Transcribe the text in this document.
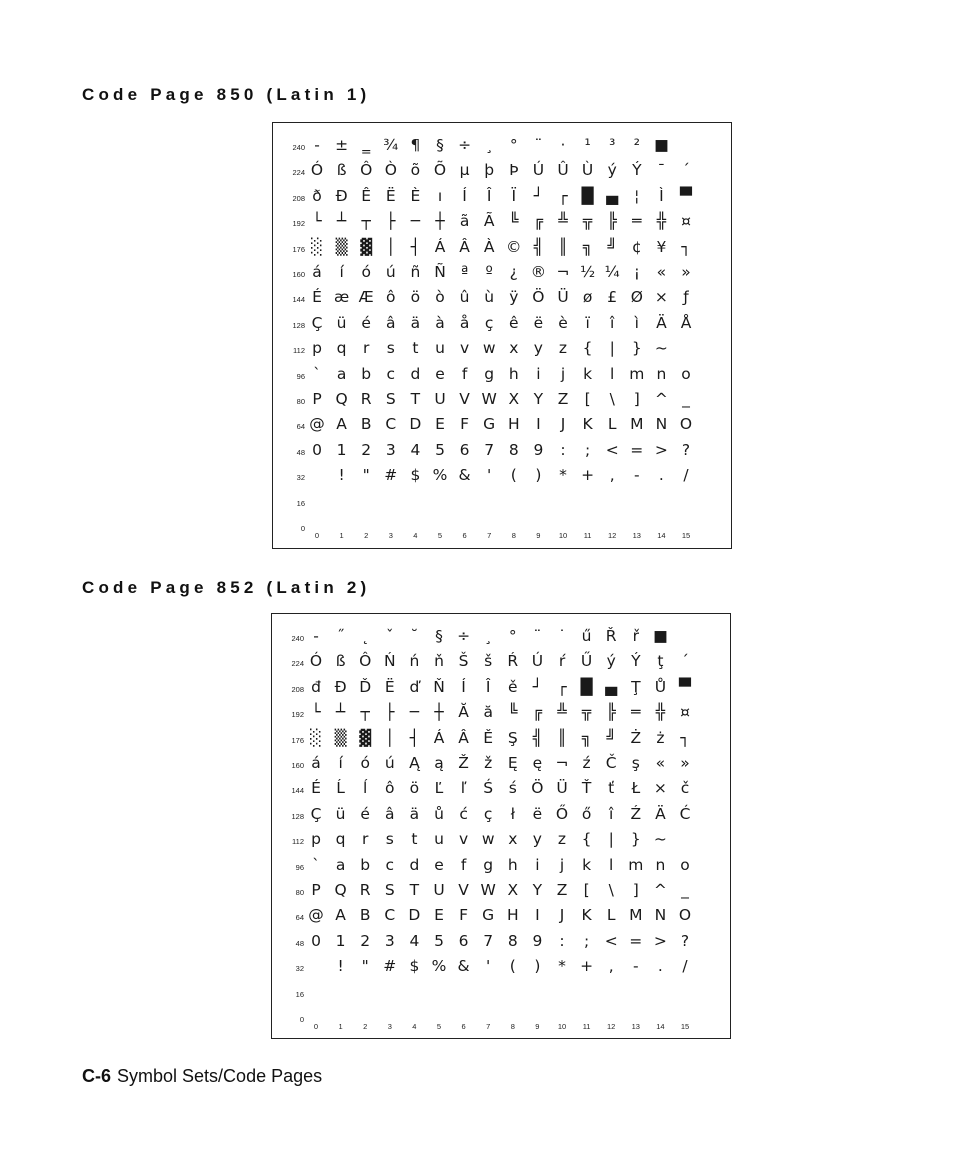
Code Page 850 (Latin 1)
240 - ± ‗ ¾ ¶	§ ÷ ¸	°	¨	·	¹	³	² ■
224 Ó ß Ô Ò õ Õ µ þ Þ Ú Û Ù ý Ý	¯	´
208 ð Ð Ê Ë È	ı	Í	Î	Ï	┘ ┌ █ ▄	¦	Ì	▀
192 └ ┴ ┬ ├ ─ ┼ ã Ã ╚ ╔ ╩ ╦ ╠ ═ ╬ ¤
176 ░ ▒ ▓ │ ┤ Á Â À © ╣ ║ ╗ ╝ ¢ ¥ ┐
160 á	í	ó ú ñ Ñ ª	º	¿ ® ¬ ½ ¼ ¡	« »
144 É æ Æ ô ö ò û ù ÿ Ö Ü ø £ Ø × ƒ
128 Ç ü é â ä à å	ç	ê ë è	ï	î	ì	Ä Å
112 p q	r	s	t	u v w x y	z	{	|	} ~
96 `	a b c d e	f	g h	i	j	k	l m n o
80 P Q R S T U V W X Y Z	[	\	] ^ _
64 @ A B C D E F G H	I	J	K L M N O
48 0 1 2 3 4 5 6 7 8 9	:	; < = > ?
32	!	" # $ % &	'	(	)	* +	,	-	.	/
16
0
0	1	2	3	4	5	6	7	8	9	10	11	12	13	14	15
Code Page 852 (Latin 2)
240 -	˝	˛	ˇ	˘	§ ÷ ¸	°	¨	˙	ű Ř	ř ■
224 Ó ß Ô Ń ń ň Š	š Ŕ Ú	ŕ	Ű ý Ý	ţ	´
208 đ Đ Ď Ë ď Ň	Í	Î	ě ┘ ┌ █ ▄ Ţ Ů ▀
192 └ ┴ ┬ ├ ─ ┼ Ă ă ╚ ╔ ╩ ╦ ╠ ═ ╬ ¤
176 ░ ▒ ▓ │ ┤ Á Â Ě Ş ╣ ║ ╗ ╝ Ż ż	┐
160 á	í	ó ú Ą ą Ž ž	Ę ę ¬ ź Č ş	« »
144 É Ĺ	ĺ	ô ö	Ľ	ľ	Ś	ś Ö Ü Ť	ť	Ł × č
128 Ç ü é â ä ů ć	ç	ł	ë Ő ő	î	Ź Ä Ć
112 p q	r	s	t	u v w x y	z	{	|	} ~
96 `	a b c d e	f	g h	i	j	k	l m n o
80 P Q R S T U V W X Y Z	[	\	] ^ _
64 @ A B C D E F G H	I	J	K L M N O
48 0 1 2 3 4 5 6 7 8 9	:	; < = > ?
32	!	" # $ % &	'	(	)	* +	,	-	.	/
16
0
0	1	2	3	4	5	6	7	8	9	10	11	12	13	14	15

C-6 Symbol Sets/Code Pages
